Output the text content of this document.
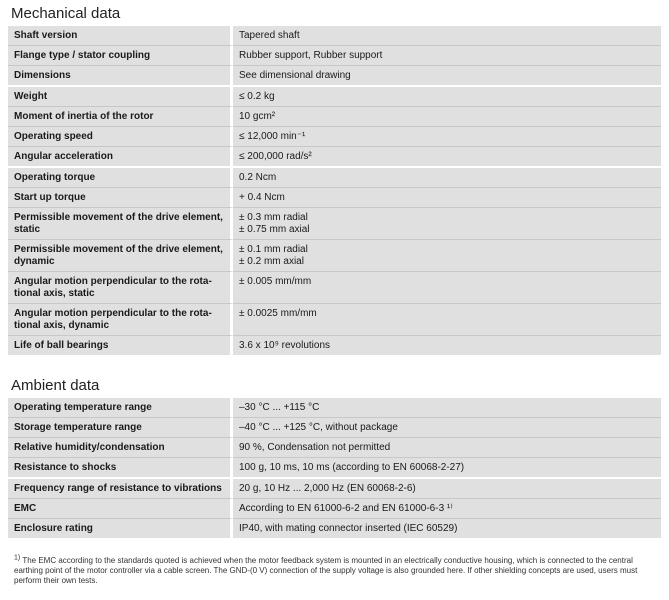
Mechanical data
Shaft version	Tapered shaft
Flange type / stator coupling	Rubber support, Rubber support
Dimensions	See dimensional drawing
Weight	≤ 0.2 kg
Moment of inertia of the rotor	10 gcm²
Operating speed	≤ 12,000 min⁻¹
Angular acceleration	≤ 200,000 rad/s²
Operating torque	0.2 Ncm
Start up torque	+ 0.4 Ncm
Permissible movement of the drive element, static	± 0.3 mm radial
± 0.75 mm axial
Permissible movement of the drive element, dynamic	± 0.1 mm radial
± 0.2 mm axial
Angular motion perpendicular to the rota-tional axis, static	± 0.005 mm/mm
Angular motion perpendicular to the rota-tional axis, dynamic	± 0.0025 mm/mm
Life of ball bearings	3.6 x 10⁹ revolutions
Ambient data
Operating temperature range	–30 °C ... +115 °C
Storage temperature range	–40 °C ... +125 °C, without package
Relative humidity/condensation	90 %, Condensation not permitted
Resistance to shocks	100 g, 10 ms, 10 ms (according to EN 60068-2-27)
Frequency range of resistance to vibrations	20 g, 10 Hz ... 2,000 Hz (EN 60068-2-6)
EMC	According to EN 61000-6-2 and EN 61000-6-3 ¹⁾
Enclosure rating	IP40, with mating connector inserted (IEC 60529)
$^{1)}$ The EMC according to the standards quoted is achieved when the motor feedback system is mounted in an electrically conductive housing, which is connected to the central earthing point of the motor controller via a cable screen. The GND-(0 V) connection of the supply voltage is also grounded here. If other shielding concepts are used, users must perform their own tests.
